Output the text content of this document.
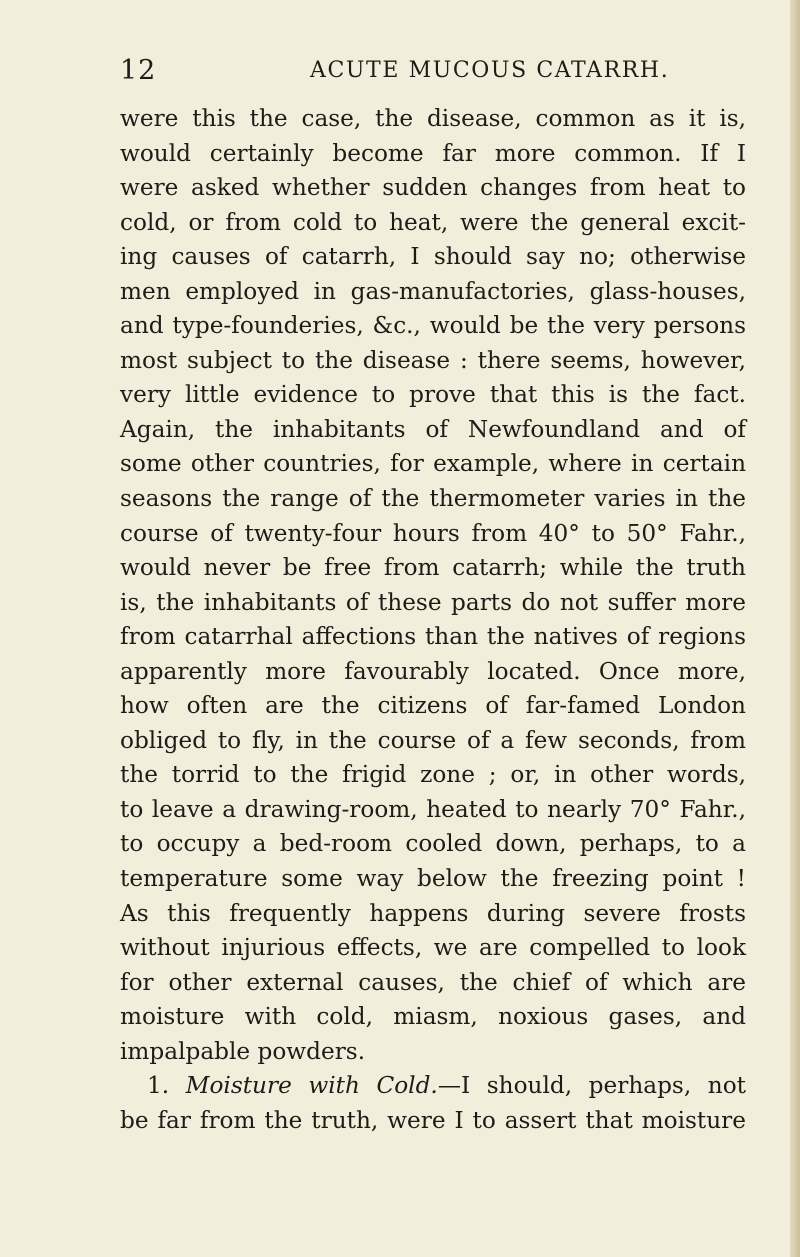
12	ACUTE MUCOUS CATARRH.
were this the case, the disease, common as it is,
would certainly become far more common. If I
were asked whether sudden changes from heat to
cold, or from cold to heat, were the general excit-
ing causes of catarrh, I should say no; otherwise
men employed in gas-manufactories, glass-houses,
and type-founderies, &c., would be the very persons
most subject to the disease : there seems, however,
very little evidence to prove that this is the fact.
Again, the inhabitants of Newfoundland and of
some other countries, for example, where in certain
seasons the range of the thermometer varies in the
course of twenty-four hours from 40° to 50° Fahr.,
would never be free from catarrh; while the truth
is, the inhabitants of these parts do not suffer more
from catarrhal affections than the natives of regions
apparently more favourably located. Once more,
how often are the citizens of far-famed London
obliged to fly, in the course of a few seconds, from
the torrid to the frigid zone ; or, in other words,
to leave a drawing-room, heated to nearly 70° Fahr.,
to occupy a bed-room cooled down, perhaps, to a
temperature some way below the freezing point !
As this frequently happens during severe frosts
without injurious effects, we are compelled to look
for other external causes, the chief of which are
moisture with cold, miasm, noxious gases, and
impalpable powders.
1. Moisture with Cold.—I should, perhaps, not
be far from the truth, were I to assert that moisture
